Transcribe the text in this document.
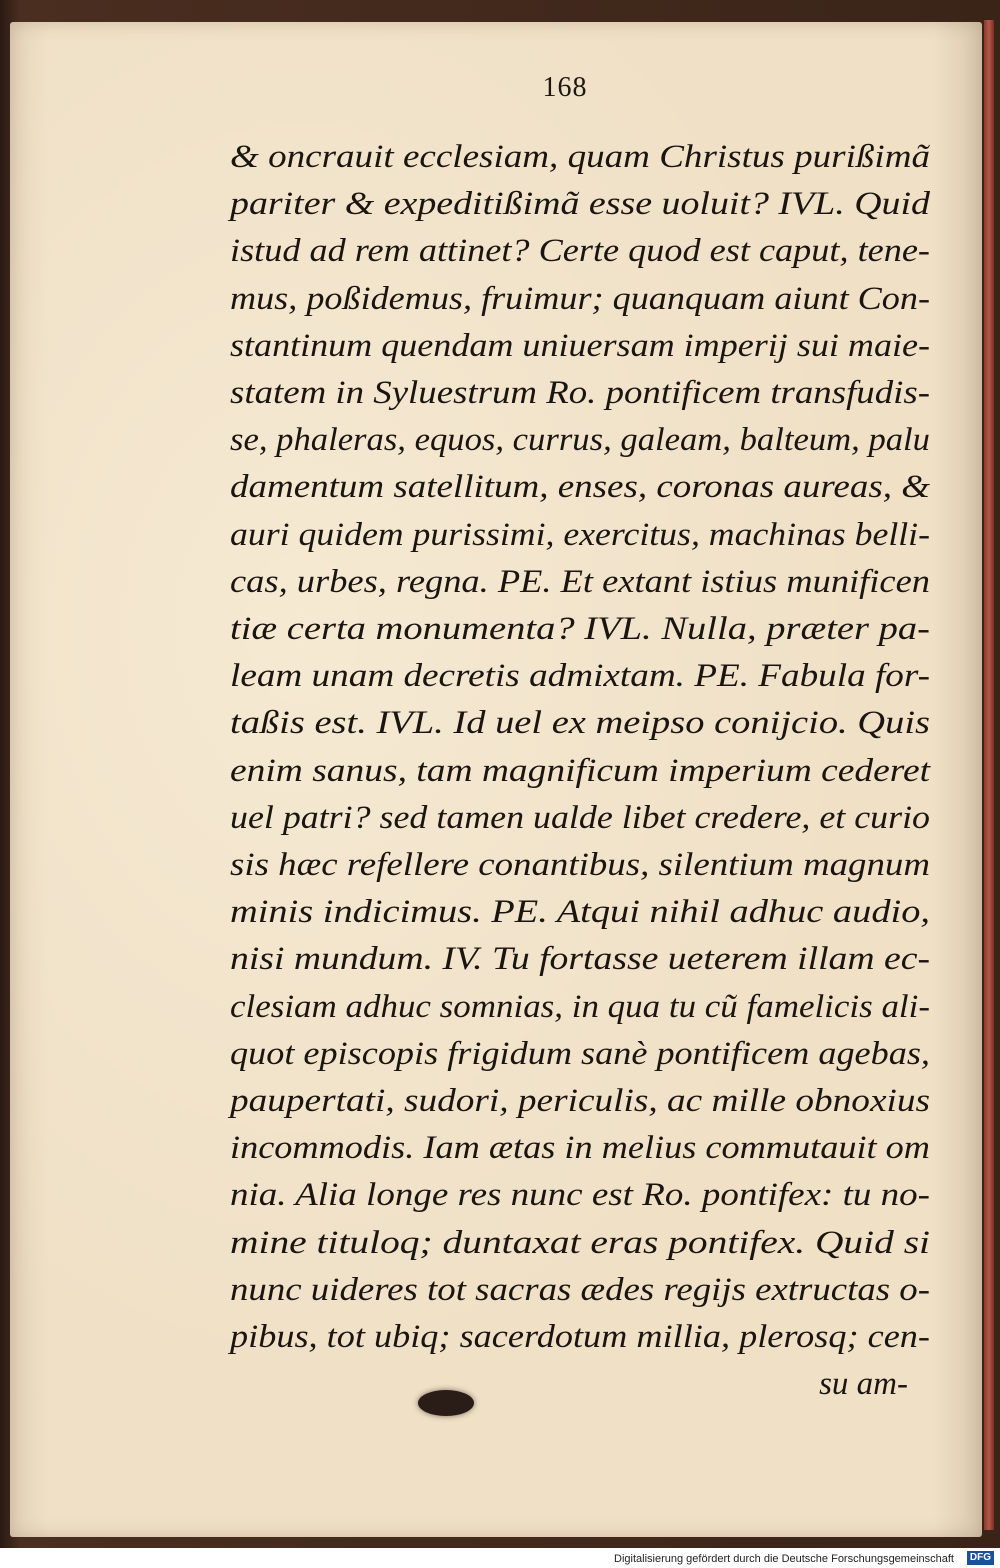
168
& oncrauit ecclesiam, quam Christus purißimã
pariter & expeditißimã esse uoluit? IVL. Quid
istud ad rem attinet? Certe quod est caput, tene-
mus, poßidemus, fruimur; quanquam aiunt Con-
stantinum quendam uniuersam imperij sui maie-
statem in Syluestrum Ro. pontificem transfudis-
se, phaleras, equos, currus, galeam, balteum, palu
damentum satellitum, enses, coronas aureas, &
auri quidem purissimi, exercitus, machinas belli-
cas, urbes, regna. PE. Et extant istius munificen
tiæ certa monumenta? IVL. Nulla, præter pa-
leam unam decretis admixtam. PE. Fabula for-
taßis est. IVL. Id uel ex meipso conijcio. Quis
enim sanus, tam magnificum imperium cederet
uel patri? sed tamen ualde libet credere, et curio
sis hæc refellere conantibus, silentium magnum
minis indicimus. PE. Atqui nihil adhuc audio,
nisi mundum. IV. Tu fortasse ueterem illam ec-
clesiam adhuc somnias, in qua tu cũ famelicis ali-
quot episcopis frigidum sanè pontificem agebas,
paupertati, sudori, periculis, ac mille obnoxius
incommodis. Iam ætas in melius commutauit om
nia. Alia longe res nunc est Ro. pontifex: tu no-
mine tituloq; duntaxat eras pontifex. Quid si
nunc uideres tot sacras ædes regijs extructas o-
pibus, tot ubiq; sacerdotum millia, plerosq; cen-
su am-
Digitalisierung gefördert durch die Deutsche Forschungsgemeinschaft	DFG
